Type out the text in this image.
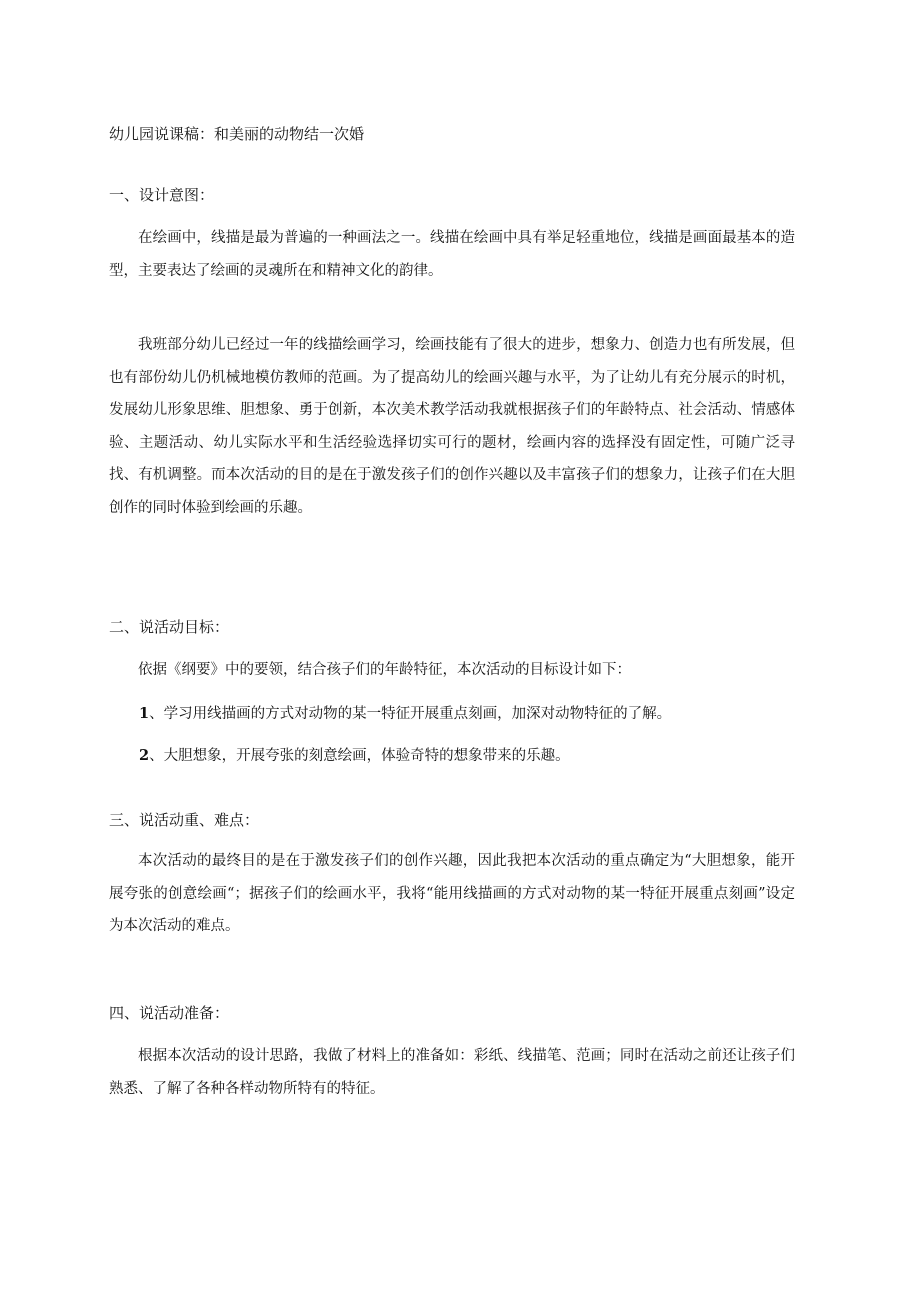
幼儿园说课稿：和美丽的动物结一次婚
一、设计意图：

在绘画中，线描是最为普遍的一种画法之一。线描在绘画中具有举足轻重地位，线描是画面最基本的造型，主要表达了绘画的灵魂所在和精神文化的韵律。

我班部分幼儿已经过一年的线描绘画学习，绘画技能有了很大的进步，想象力、创造力也有所发展，但也有部份幼儿仍机械地模仿教师的范画。为了提高幼儿的绘画兴趣与水平，为了让幼儿有充分展示的时机，发展幼儿形象思维、胆想象、勇于创新，本次美术教学活动我就根据孩子们的年龄特点、社会活动、情感体验、主题活动、幼儿实际水平和生活经验选择切实可行的题材，绘画内容的选择没有固定性，可随广泛寻找、有机调整。而本次活动的目的是在于激发孩子们的创作兴趣以及丰富孩子们的想象力，让孩子们在大胆创作的同时体验到绘画的乐趣。

二、说活动目标：

依据《纲要》中的要领，结合孩子们的年龄特征，本次活动的目标设计如下：

1、学习用线描画的方式对动物的某一特征开展重点刻画，加深对动物特征的了解。
2、大胆想象，开展夸张的刻意绘画，体验奇特的想象带来的乐趣。
三、说活动重、难点：

本次活动的最终目的是在于激发孩子们的创作兴趣，因此我把本次活动的重点确定为“大胆想象，能开展夸张的创意绘画“；据孩子们的绘画水平，我将“能用线描画的方式对动物的某一特征开展重点刻画”设定为本次活动的难点。

四、说活动准备：

根据本次活动的设计思路，我做了材料上的准备如：彩纸、线描笔、范画；同时在活动之前还让孩子们熟悉、了解了各种各样动物所特有的特征。
